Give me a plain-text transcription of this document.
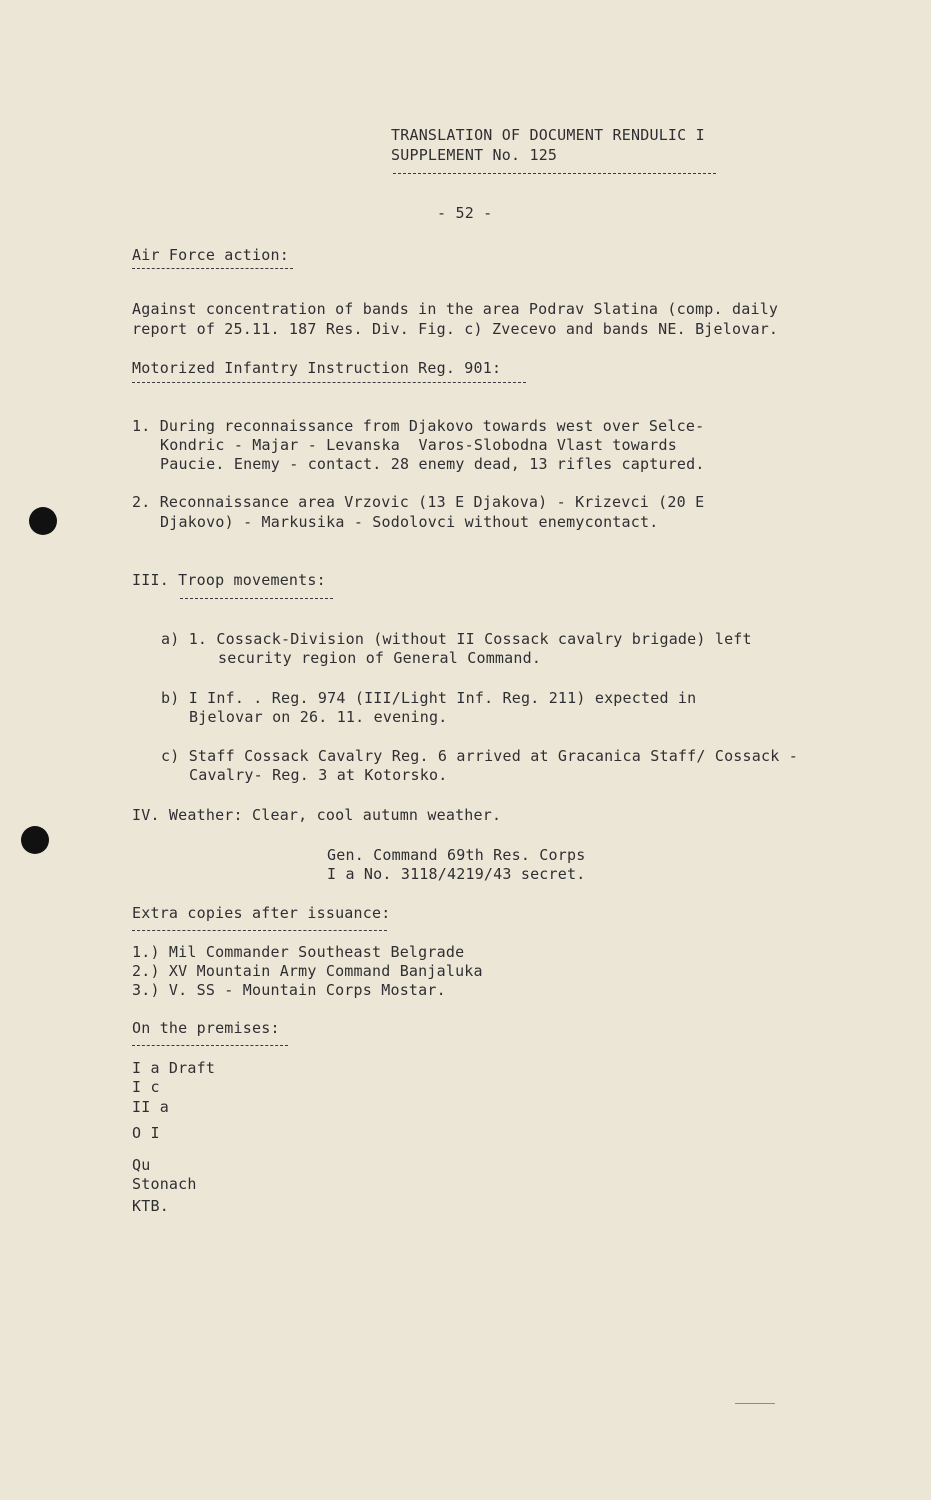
TRANSLATION OF DOCUMENT RENDULIC I
SUPPLEMENT No. 125
- 52 -
Air Force action:
Against concentration of bands in the area Podrav Slatina (comp. daily
report of 25.11. 187 Res. Div. Fig. c) Zvecevo and bands NE. Bjelovar.
Motorized Infantry Instruction Reg. 901:
1. During reconnaissance from Djakovo towards west over Selce-
Kondric - Majar - Levanska  Varos-Slobodna Vlast towards
Paucie. Enemy - contact. 28 enemy dead, 13 rifles captured.
2. Reconnaissance area Vrzovic (13 E Djakova) - Krizevci (20 E
Djakovo) - Markusika - Sodolovci without enemycontact.
III. Troop movements:
a) 1. Cossack-Division (without II Cossack cavalry brigade) left
security region of General Command.
b) I Inf. . Reg. 974 (III/Light Inf. Reg. 211) expected in
Bjelovar on 26. 11. evening.
c) Staff Cossack Cavalry Reg. 6 arrived at Gracanica Staff/ Cossack -
Cavalry- Reg. 3 at Kotorsko.
IV. Weather: Clear, cool autumn weather.
Gen. Command 69th Res. Corps
I a No. 3118/4219/43 secret.
Extra copies after issuance:
1.) Mil Commander Southeast Belgrade
2.) XV Mountain Army Command Banjaluka
3.) V. SS - Mountain Corps Mostar.
On the premises:
I a Draft
I c
II a
O I
Qu
Stonach
KTB.
